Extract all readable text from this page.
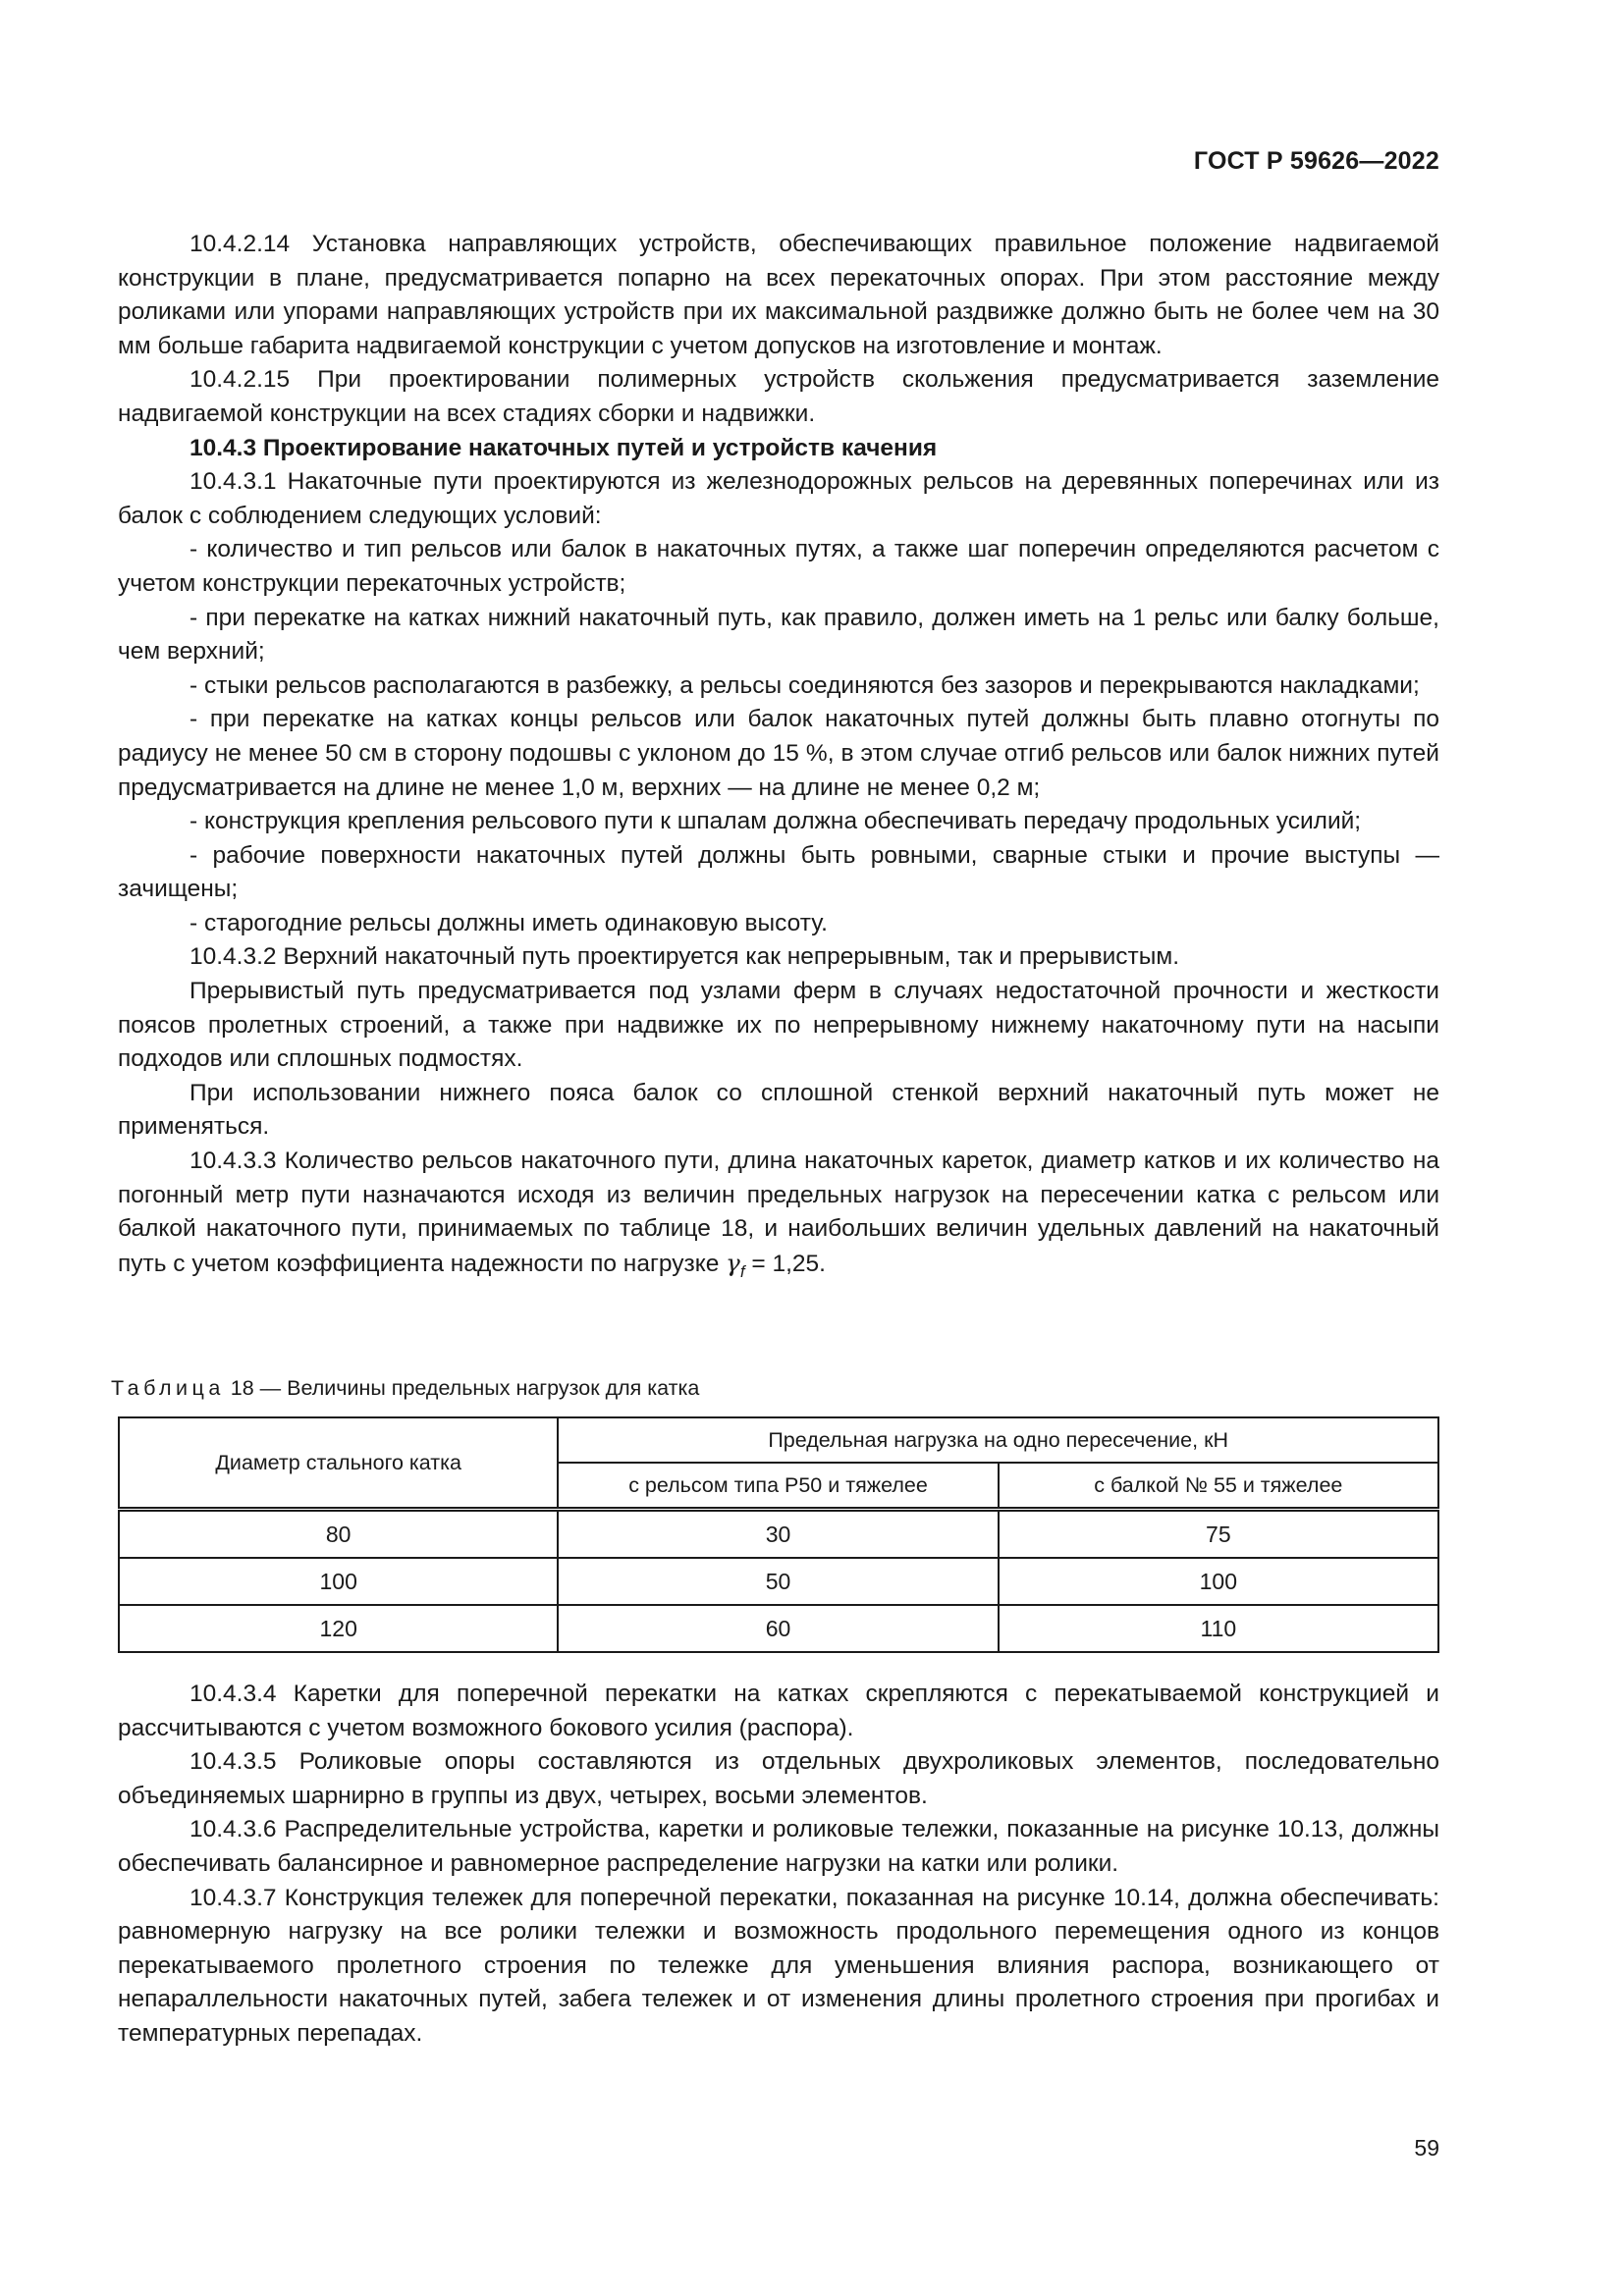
ГОСТ Р 59626—2022

10.4.2.14 Установка направляющих устройств, обеспечивающих правильное положение надвигаемой конструкции в плане, предусматривается попарно на всех перекаточных опорах. При этом расстояние между роликами или упорами направляющих устройств при их максимальной раздвижке должно быть не более чем на 30 мм больше габарита надвигаемой конструкции с учетом допусков на изготовление и монтаж.

10.4.2.15 При проектировании полимерных устройств скольжения предусматривается заземление надвигаемой конструкции на всех стадиях сборки и надвижки.

10.4.3 Проектирование накаточных путей и устройств качения

10.4.3.1 Накаточные пути проектируются из железнодорожных рельсов на деревянных поперечинах или из балок с соблюдением следующих условий:

- количество и тип рельсов или балок в накаточных путях, а также шаг поперечин определяются расчетом с учетом конструкции перекаточных устройств;

- при перекатке на катках нижний накаточный путь, как правило, должен иметь на 1 рельс или балку больше, чем верхний;

- стыки рельсов располагаются в разбежку, а рельсы соединяются без зазоров и перекрываются накладками;

- при перекатке на катках концы рельсов или балок накаточных путей должны быть плавно отогнуты по радиусу не менее 50 см в сторону подошвы с уклоном до 15 %, в этом случае отгиб рельсов или балок нижних путей предусматривается на длине не менее 1,0 м, верхних — на длине не менее 0,2 м;

- конструкция крепления рельсового пути к шпалам должна обеспечивать передачу продольных усилий;

- рабочие поверхности накаточных путей должны быть ровными, сварные стыки и прочие выступы — зачищены;

- старогодние рельсы должны иметь одинаковую высоту.

10.4.3.2 Верхний накаточный путь проектируется как непрерывным, так и прерывистым.

Прерывистый путь предусматривается под узлами ферм в случаях недостаточной прочности и жесткости поясов пролетных строений, а также при надвижке их по непрерывному нижнему накаточному пути на насыпи подходов или сплошных подмостях.

При использовании нижнего пояса балок со сплошной стенкой верхний накаточный путь может не применяться.

10.4.3.3 Количество рельсов накаточного пути, длина накаточных кареток, диаметр катков и их количество на погонный метр пути назначаются исходя из величин предельных нагрузок на пересечении катка с рельсом или балкой накаточного пути, принимаемых по таблице 18, и наибольших величин удельных давлений на накаточный путь с учетом коэффициента надежности по нагрузке $\gamma_f = 1,25$.

Таблица 18 — Величины предельных нагрузок для катка
Диаметр стального катка	Предельная нагрузка на одно пересечение, кН	
	с рельсом типа Р50 и тяжелее	с балкой № 55 и тяжелее
80	30	75
100	50	100
120	60	110

10.4.3.4 Каретки для поперечной перекатки на катках скрепляются с перекатываемой конструкцией и рассчитываются с учетом возможного бокового усилия (распора).

10.4.3.5 Роликовые опоры составляются из отдельных двухроликовых элементов, последовательно объединяемых шарнирно в группы из двух, четырех, восьми элементов.

10.4.3.6 Распределительные устройства, каретки и роликовые тележки, показанные на рисунке 10.13, должны обеспечивать балансирное и равномерное распределение нагрузки на катки или ролики.

10.4.3.7 Конструкция тележек для поперечной перекатки, показанная на рисунке 10.14, должна обеспечивать: равномерную нагрузку на все ролики тележки и возможность продольного перемещения одного из концов перекатываемого пролетного строения по тележке для уменьшения влияния распора, возникающего от непараллельности накаточных путей, забега тележек и от изменения длины пролетного строения при прогибах и температурных перепадах.

59
